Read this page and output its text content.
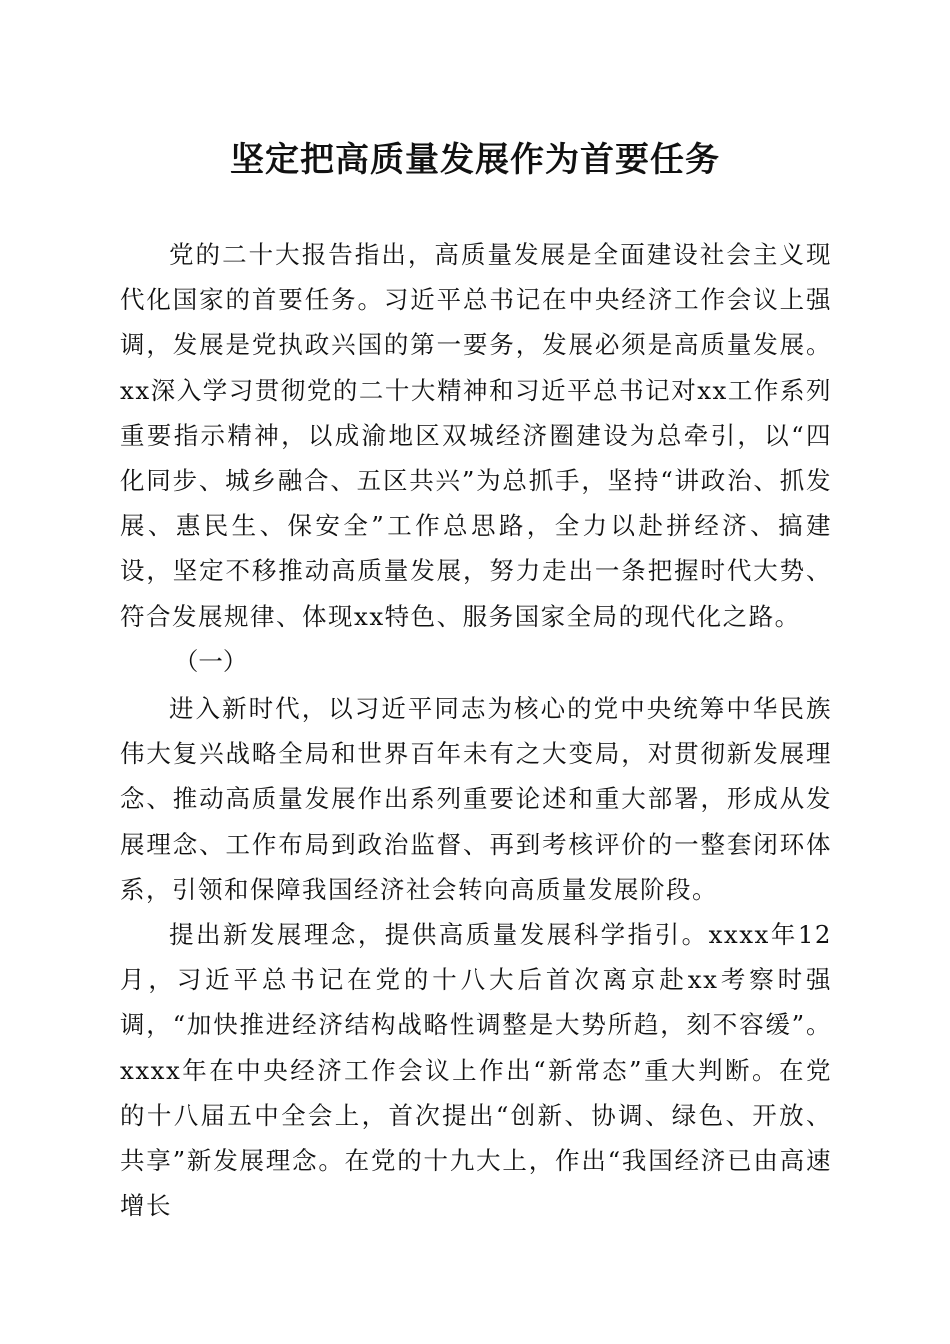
坚定把高质量发展作为首要任务

党的二十大报告指出，高质量发展是全面建设社会主义现代化国家的首要任务。习近平总书记在中央经济工作会议上强调，发展是党执政兴国的第一要务，发展必须是高质量发展。xx深入学习贯彻党的二十大精神和习近平总书记对xx工作系列重要指示精神，以成渝地区双城经济圈建设为总牵引，以“四化同步、城乡融合、五区共兴”为总抓手，坚持“讲政治、抓发展、惠民生、保安全”工作总思路，全力以赴拼经济、搞建设，坚定不移推动高质量发展，努力走出一条把握时代大势、符合发展规律、体现xx特色、服务国家全局的现代化之路。

（一）

进入新时代，以习近平同志为核心的党中央统筹中华民族伟大复兴战略全局和世界百年未有之大变局，对贯彻新发展理念、推动高质量发展作出系列重要论述和重大部署，形成从发展理念、工作布局到政治监督、再到考核评价的一整套闭环体系，引领和保障我国经济社会转向高质量发展阶段。

提出新发展理念，提供高质量发展科学指引。xxxx年12月，习近平总书记在党的十八大后首次离京赴xx考察时强调，“加快推进经济结构战略性调整是大势所趋，刻不容缓”。xxxx年在中央经济工作会议上作出“新常态”重大判断。在党的十八届五中全会上，首次提出“创新、协调、绿色、开放、共享”新发展理念。在党的十九大上，作出“我国经济已由高速增长
